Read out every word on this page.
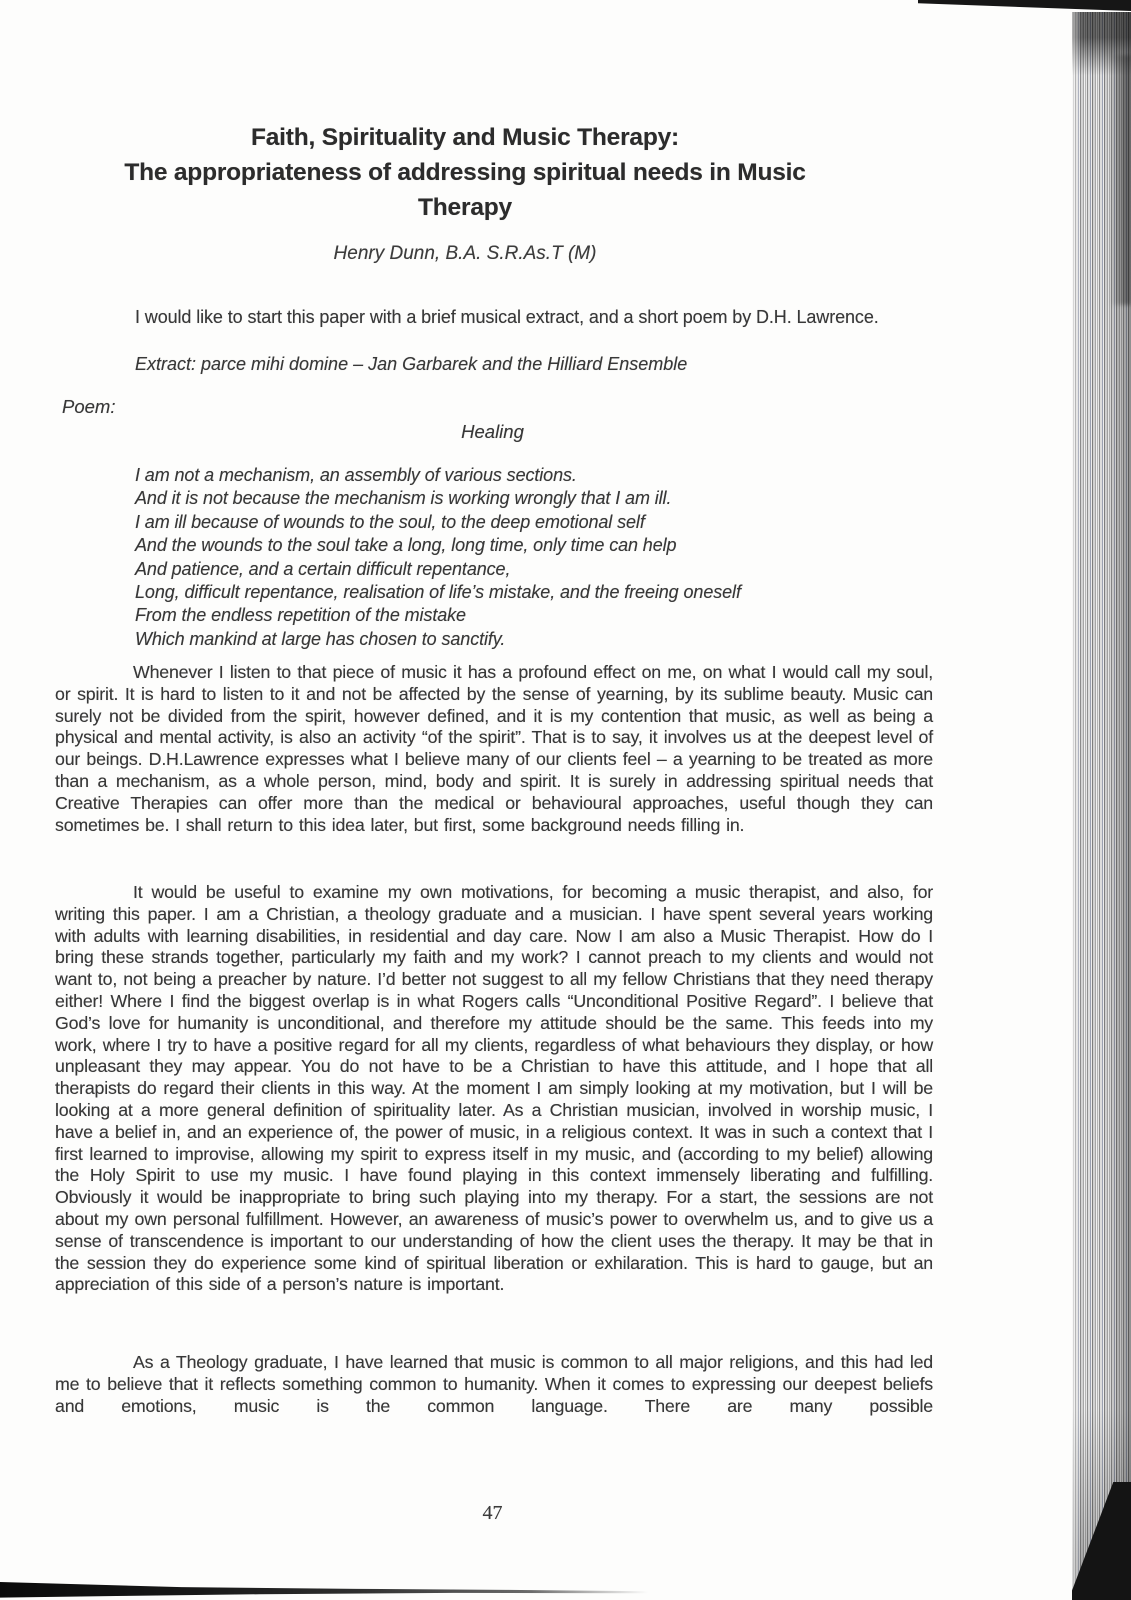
Faith, Spirituality and Music Therapy:
The appropriateness of addressing spiritual needs in Music
Therapy
Henry Dunn, B.A. S.R.As.T (M)
I would like to start this paper with a brief musical extract, and a short poem by D.H. Lawrence.
Extract: parce mihi domine – Jan Garbarek and the Hilliard Ensemble
Poem:
Healing
I am not a mechanism, an assembly of various sections.
And it is not because the mechanism is working wrongly that I am ill.
I am ill because of wounds to the soul, to the deep emotional self
And the wounds to the soul take a long, long time, only time can help
And patience, and a certain difficult repentance,
Long, difficult repentance, realisation of life’s mistake, and the freeing oneself
From the endless repetition of the mistake
Which mankind at large has chosen to sanctify.
Whenever I listen to that piece of music it has a profound effect on me, on what I would call my soul, or spirit. It is hard to listen to it and not be affected by the sense of yearning, by its sublime beauty. Music can surely not be divided from the spirit, however defined, and it is my contention that music, as well as being a physical and mental activity, is also an activity “of the spirit”. That is to say, it involves us at the deepest level of our beings. D.H.Lawrence expresses what I believe many of our clients feel – a yearning to be treated as more than a mechanism, as a whole person, mind, body and spirit. It is surely in addressing spiritual needs that Creative Therapies can offer more than the medical or behavioural approaches, useful though they can sometimes be. I shall return to this idea later, but first, some background needs filling in.
It would be useful to examine my own motivations, for becoming a music therapist, and also, for writing this paper. I am a Christian, a theology graduate and a musician. I have spent several years working with adults with learning disabilities, in residential and day care. Now I am also a Music Therapist. How do I bring these strands together, particularly my faith and my work? I cannot preach to my clients and would not want to, not being a preacher by nature. I’d better not suggest to all my fellow Christians that they need therapy either! Where I find the biggest overlap is in what Rogers calls “Unconditional Positive Regard”. I believe that God’s love for humanity is unconditional, and therefore my attitude should be the same. This feeds into my work, where I try to have a positive regard for all my clients, regardless of what behaviours they display, or how unpleasant they may appear. You do not have to be a Christian to have this attitude, and I hope that all therapists do regard their clients in this way. At the moment I am simply looking at my motivation, but I will be looking at a more general definition of spirituality later. As a Christian musician, involved in worship music, I have a belief in, and an experience of, the power of music, in a religious context. It was in such a context that I first learned to improvise, allowing my spirit to express itself in my music, and (according to my belief) allowing the Holy Spirit to use my music. I have found playing in this context immensely liberating and fulfilling. Obviously it would be inappropriate to bring such playing into my therapy. For a start, the sessions are not about my own personal fulfillment. However, an awareness of music’s power to overwhelm us, and to give us a sense of transcendence is important to our understanding of how the client uses the therapy. It may be that in the session they do experience some kind of spiritual liberation or exhilaration. This is hard to gauge, but an appreciation of this side of a person’s nature is important.
As a Theology graduate, I have learned that music is common to all major religions, and this had led me to believe that it reflects something common to humanity. When it comes to expressing our deepest beliefs and emotions, music is the common language. There are many possible
47
